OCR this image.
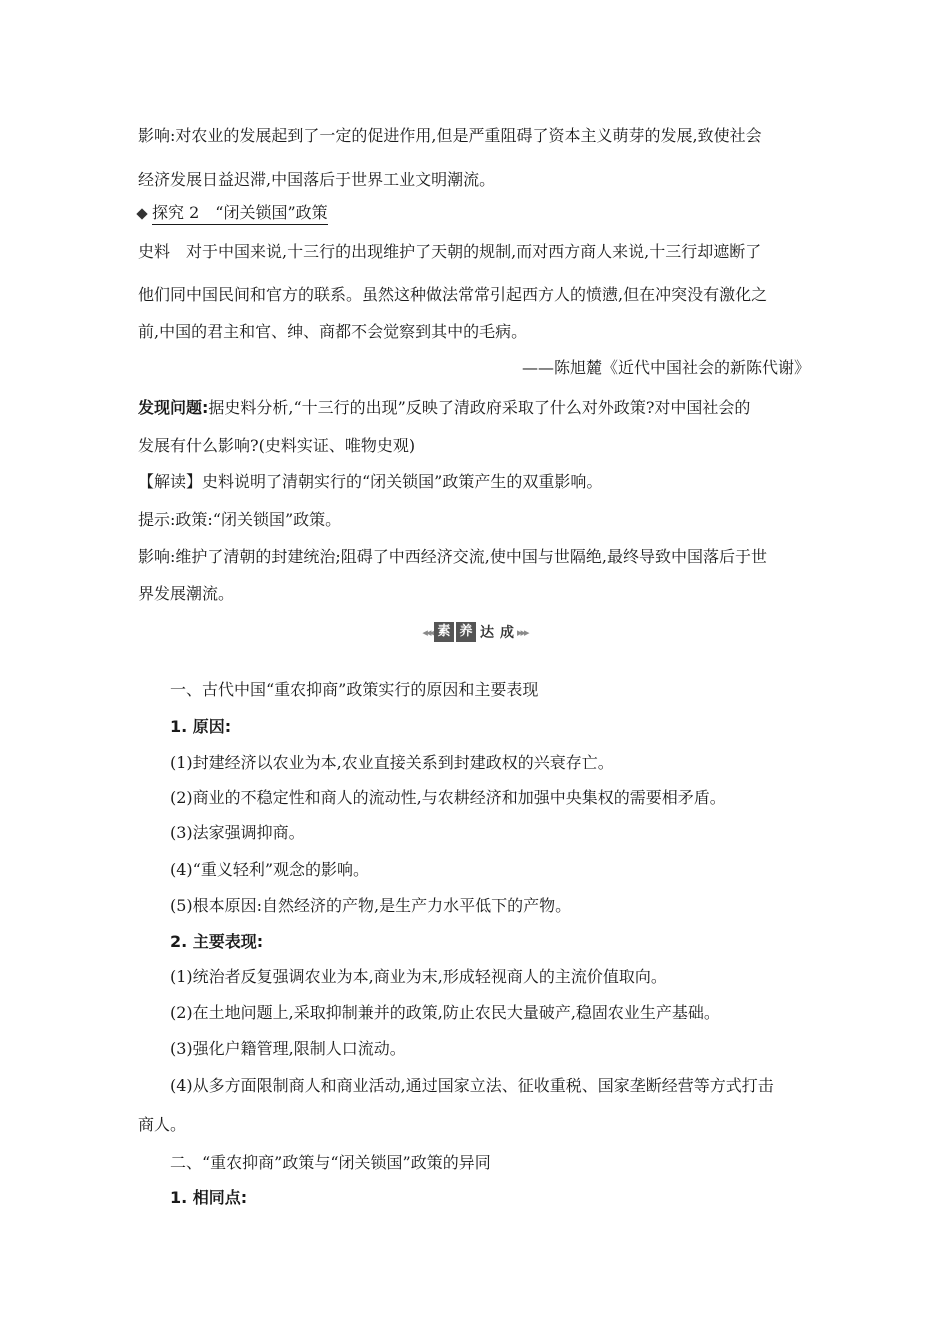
影响:对农业的发展起到了一定的促进作用,但是严重阻碍了资本主义萌芽的发展,致使社会
经济发展日益迟滞,中国落后于世界工业文明潮流。
探究 2　“闭关锁国”政策
史料　对于中国来说,十三行的出现维护了天朝的规制,而对西方商人来说,十三行却遮断了
他们同中国民间和官方的联系。虽然这种做法常常引起西方人的愤懑,但在冲突没有激化之
前,中国的君主和官、绅、商都不会觉察到其中的毛病。
——陈旭麓《近代中国社会的新陈代谢》
发现问题:据史料分析,“十三行的出现”反映了清政府采取了什么对外政策?对中国社会的
发展有什么影响?(史料实证、唯物史观)
【解读】史料说明了清朝实行的“闭关锁国”政策产生的双重影响。
提示:政策:“闭关锁国”政策。
影响:维护了清朝的封建统治;阻碍了中西经济交流,使中国与世隔绝,最终导致中国落后于世
界发展潮流。
◂◂◂ 素 养 达 成 ▸▸▸
一、古代中国“重农抑商”政策实行的原因和主要表现
1. 原因:
(1)封建经济以农业为本,农业直接关系到封建政权的兴衰存亡。
(2)商业的不稳定性和商人的流动性,与农耕经济和加强中央集权的需要相矛盾。
(3)法家强调抑商。
(4)“重义轻利”观念的影响。
(5)根本原因:自然经济的产物,是生产力水平低下的产物。
2. 主要表现:
(1)统治者反复强调农业为本,商业为末,形成轻视商人的主流价值取向。
(2)在土地问题上,采取抑制兼并的政策,防止农民大量破产,稳固农业生产基础。
(3)强化户籍管理,限制人口流动。
(4)从多方面限制商人和商业活动,通过国家立法、征收重税、国家垄断经营等方式打击
商人。
二、“重农抑商”政策与“闭关锁国”政策的异同
1. 相同点:
